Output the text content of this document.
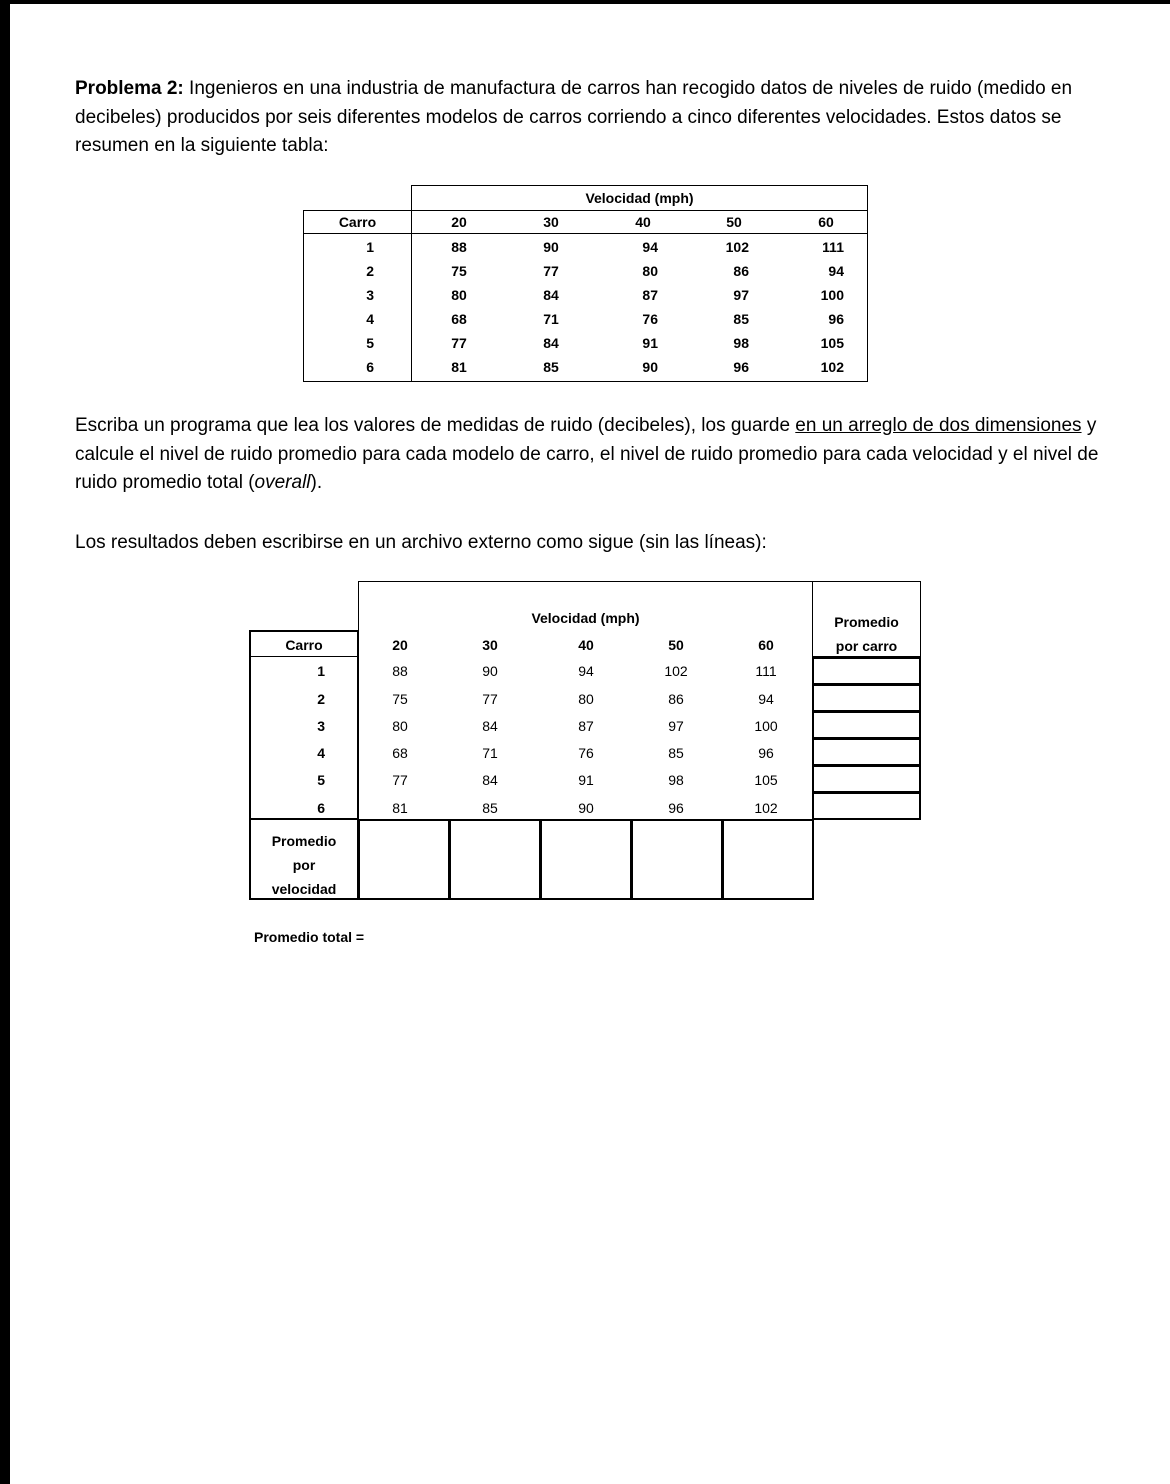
Problema 2: Ingenieros en una industria de manufactura de carros han recogido datos de niveles de ruido (medido en decibeles) producidos por seis diferentes modelos de carros corriendo a cinco diferentes velocidades. Estos datos se resumen en la siguiente tabla:

Velocidad (mph)
Carro	20	30	40	50	60
1	88	90	94	102	111
2	75	77	80	86	94
3	80	84	87	97	100
4	68	71	76	85	96
5	77	84	91	98	105
6	81	85	90	96	102

Escriba un programa que lea los valores de medidas de ruido (decibeles), los guarde en un arreglo de dos dimensiones y calcule el nivel de ruido promedio para cada modelo de carro, el nivel de ruido promedio para cada velocidad y el nivel de ruido promedio total (overall).

Los resultados deben escribirse en un archivo externo como sigue (sin las líneas):

Velocidad (mph)	Promedio
por carro
Carro	20	30	40	50	60
1	88	90	94	102	111
2	75	77	80	86	94
3	80	84	87	97	100
4	68	71	76	85	96
5	77	84	91	98	105
6	81	85	90	96	102
Promedio
por
velocidad
Promedio total =
